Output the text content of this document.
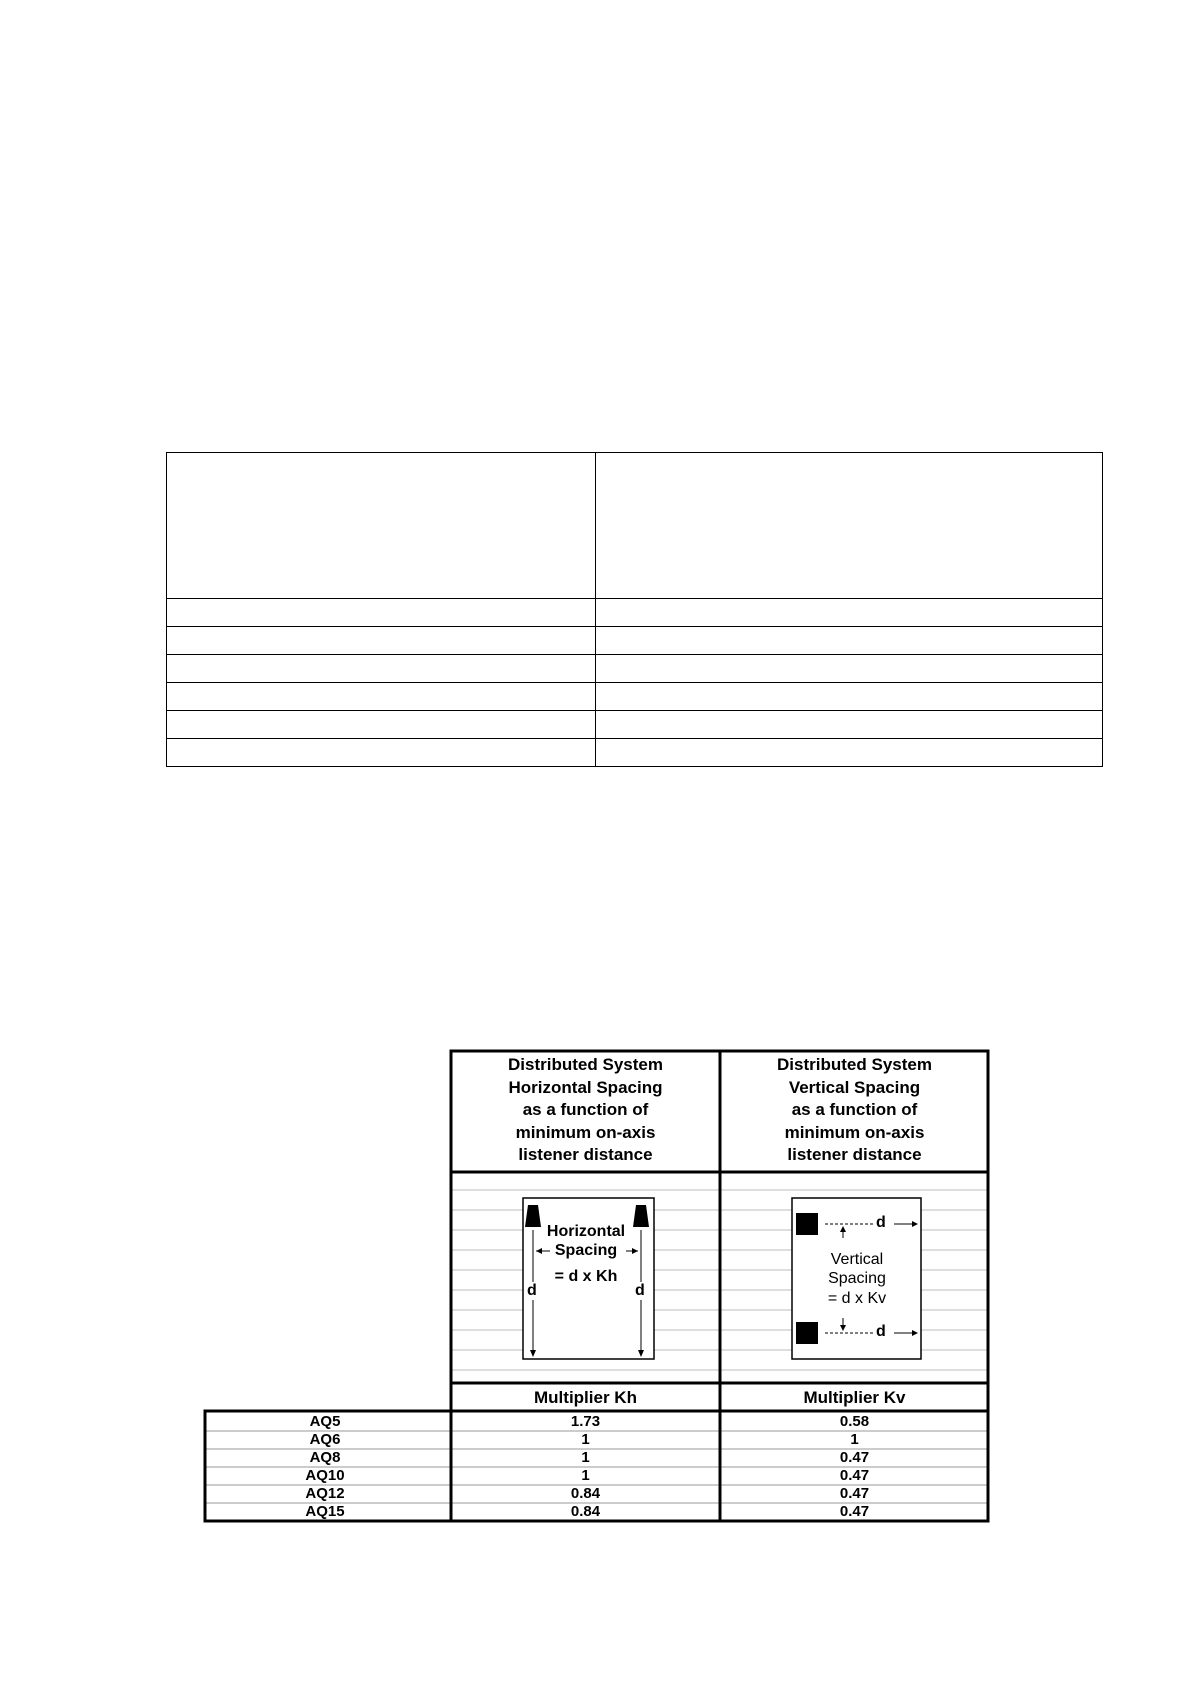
Distributed System
Horizontal Spacing
as a function of
minimum on-axis
listener distance
Distributed System
Vertical Spacing
as a function of
minimum on-axis
listener distance
Horizontal
Spacing
= d x Kh
d	d
d
d
Vertical
Spacing
= d x Kv
Multiplier Kh	Multiplier Kv
AQ5	1.73	0.58
AQ6	1	1
AQ8	1	0.47
AQ10	1	0.47
AQ12	0.84	0.47
AQ15	0.84	0.47
